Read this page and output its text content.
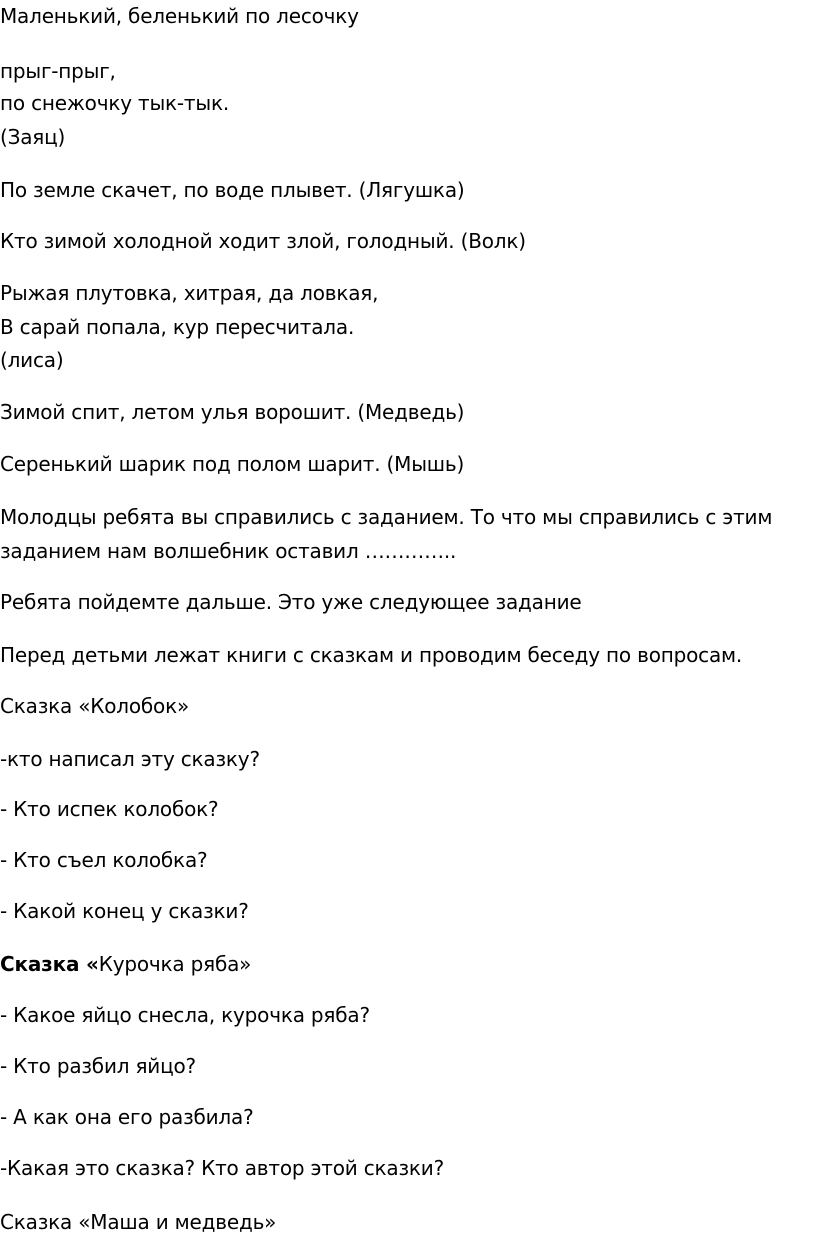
Маленький, беленький по лесочку
прыг-прыг,
по снежочку тык-тык.
(Заяц)
По земле скачет, по воде плывет. (Лягушка)
Кто зимой холодной ходит злой, голодный. (Волк)
Рыжая плутовка, хитрая, да ловкая,
В сарай попала, кур пересчитала.
(лиса)
Зимой спит, летом улья ворошит. (Медведь)
Серенький шарик под полом шарит. (Мышь)
Молодцы ребята вы справились с заданием. То что мы справились с этим
заданием нам волшебник оставил …………..
Ребята пойдемте дальше. Это уже следующее задание
Перед детьми лежат книги с сказкам и проводим беседу по вопросам.
Сказка «Колобок»
-кто написал эту сказку?
- Кто испек колобок?
- Кто съел колобка?
- Какой конец у сказки?
Сказка «Курочка ряба»
- Какое яйцо снесла, курочка ряба?
- Кто разбил яйцо?
- А как она его разбила?
-Какая это сказка? Кто автор этой сказки?
Сказка «Маша и медведь»
